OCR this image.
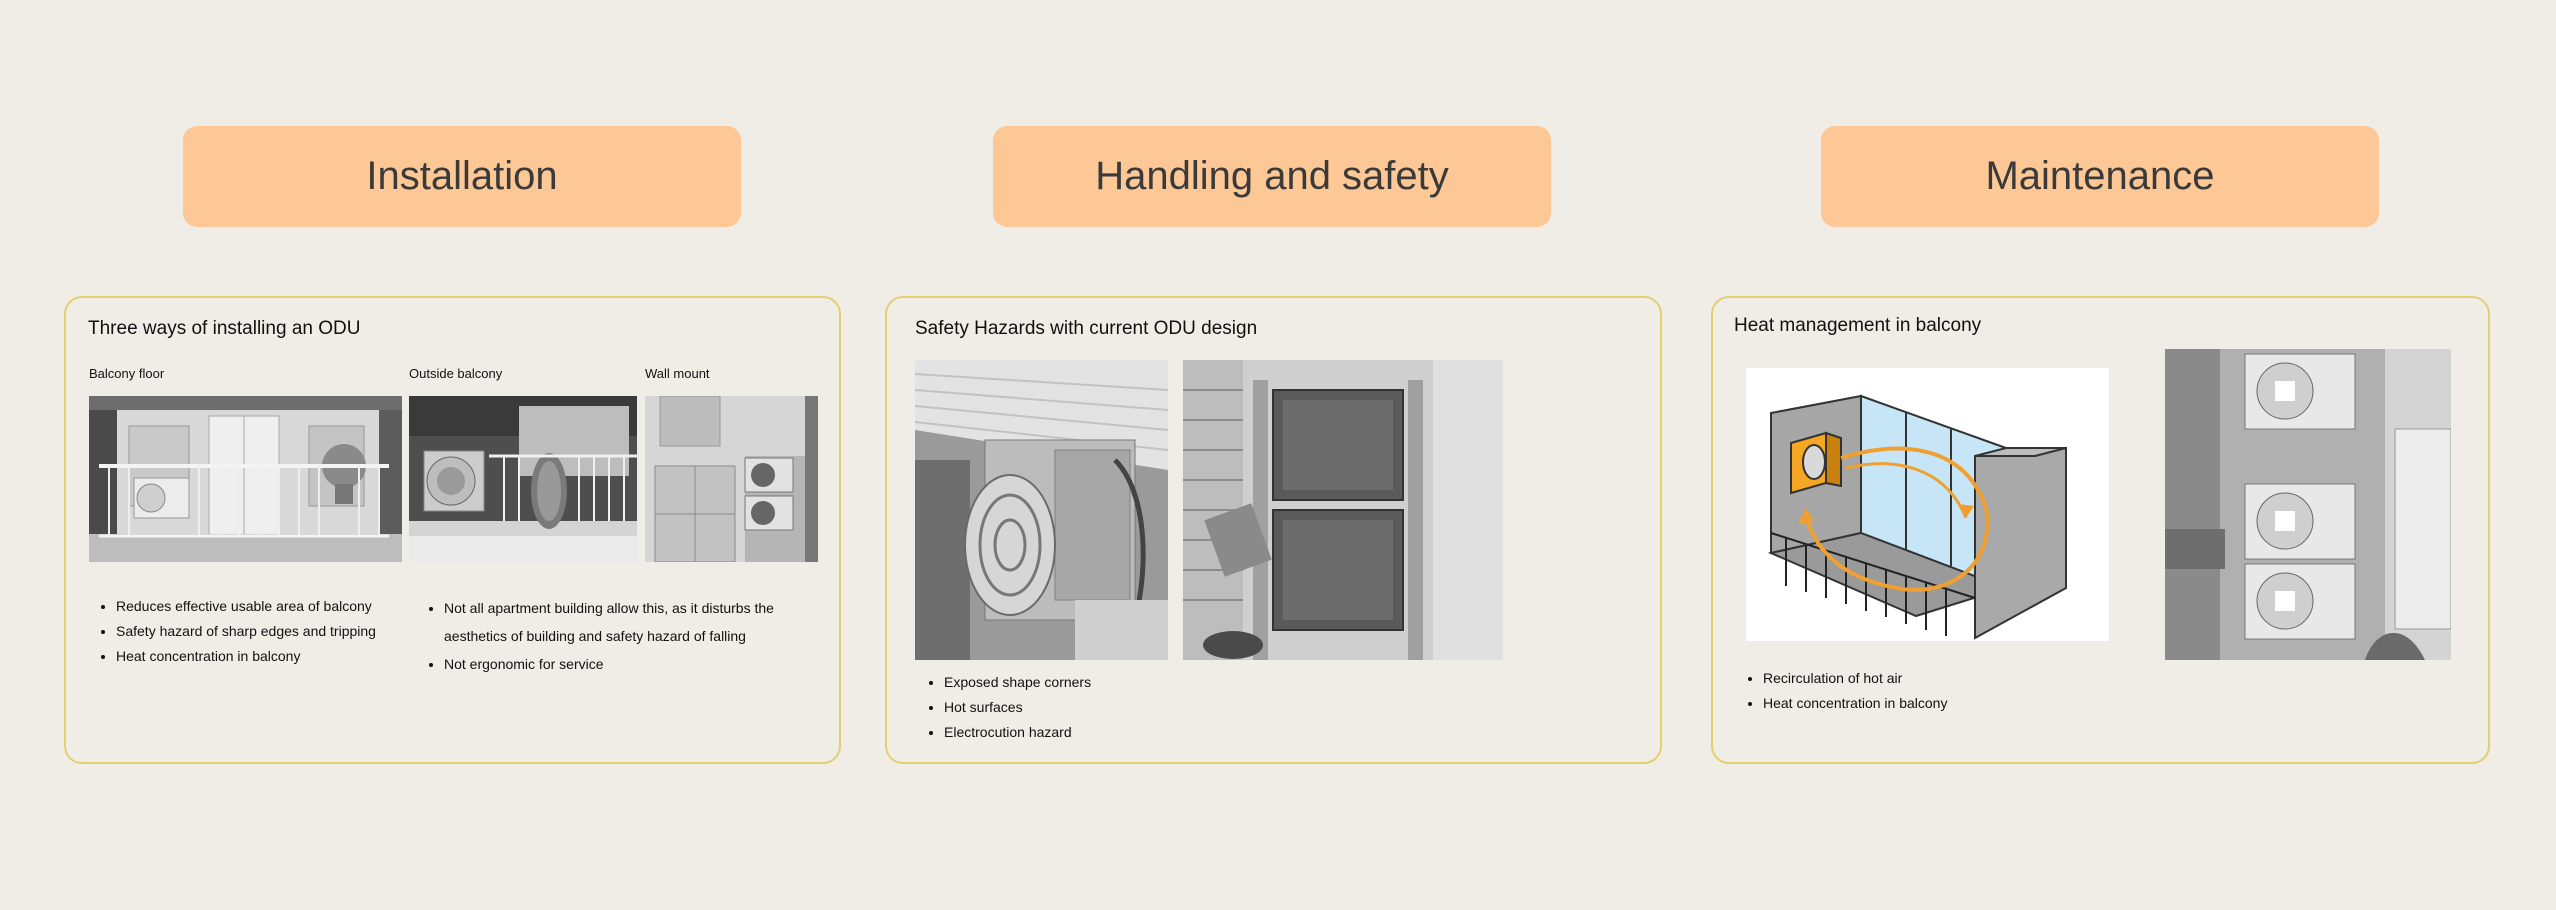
Installation	Handling and safety	Maintenance
Three ways of installing an ODU
Balcony floor	Outside balcony	Wall mount
• Reduces effective usable area of balcony
• Safety hazard of sharp edges and tripping
• Heat concentration in balcony
• Not all apartment building allow this, as it disturbs the aesthetics of building and safety hazard of falling
• Not ergonomic for service
Safety Hazards with current ODU design
• Exposed shape corners
• Hot surfaces
• Electrocution hazard
Heat management in balcony
• Recirculation of hot air
• Heat concentration in balcony
